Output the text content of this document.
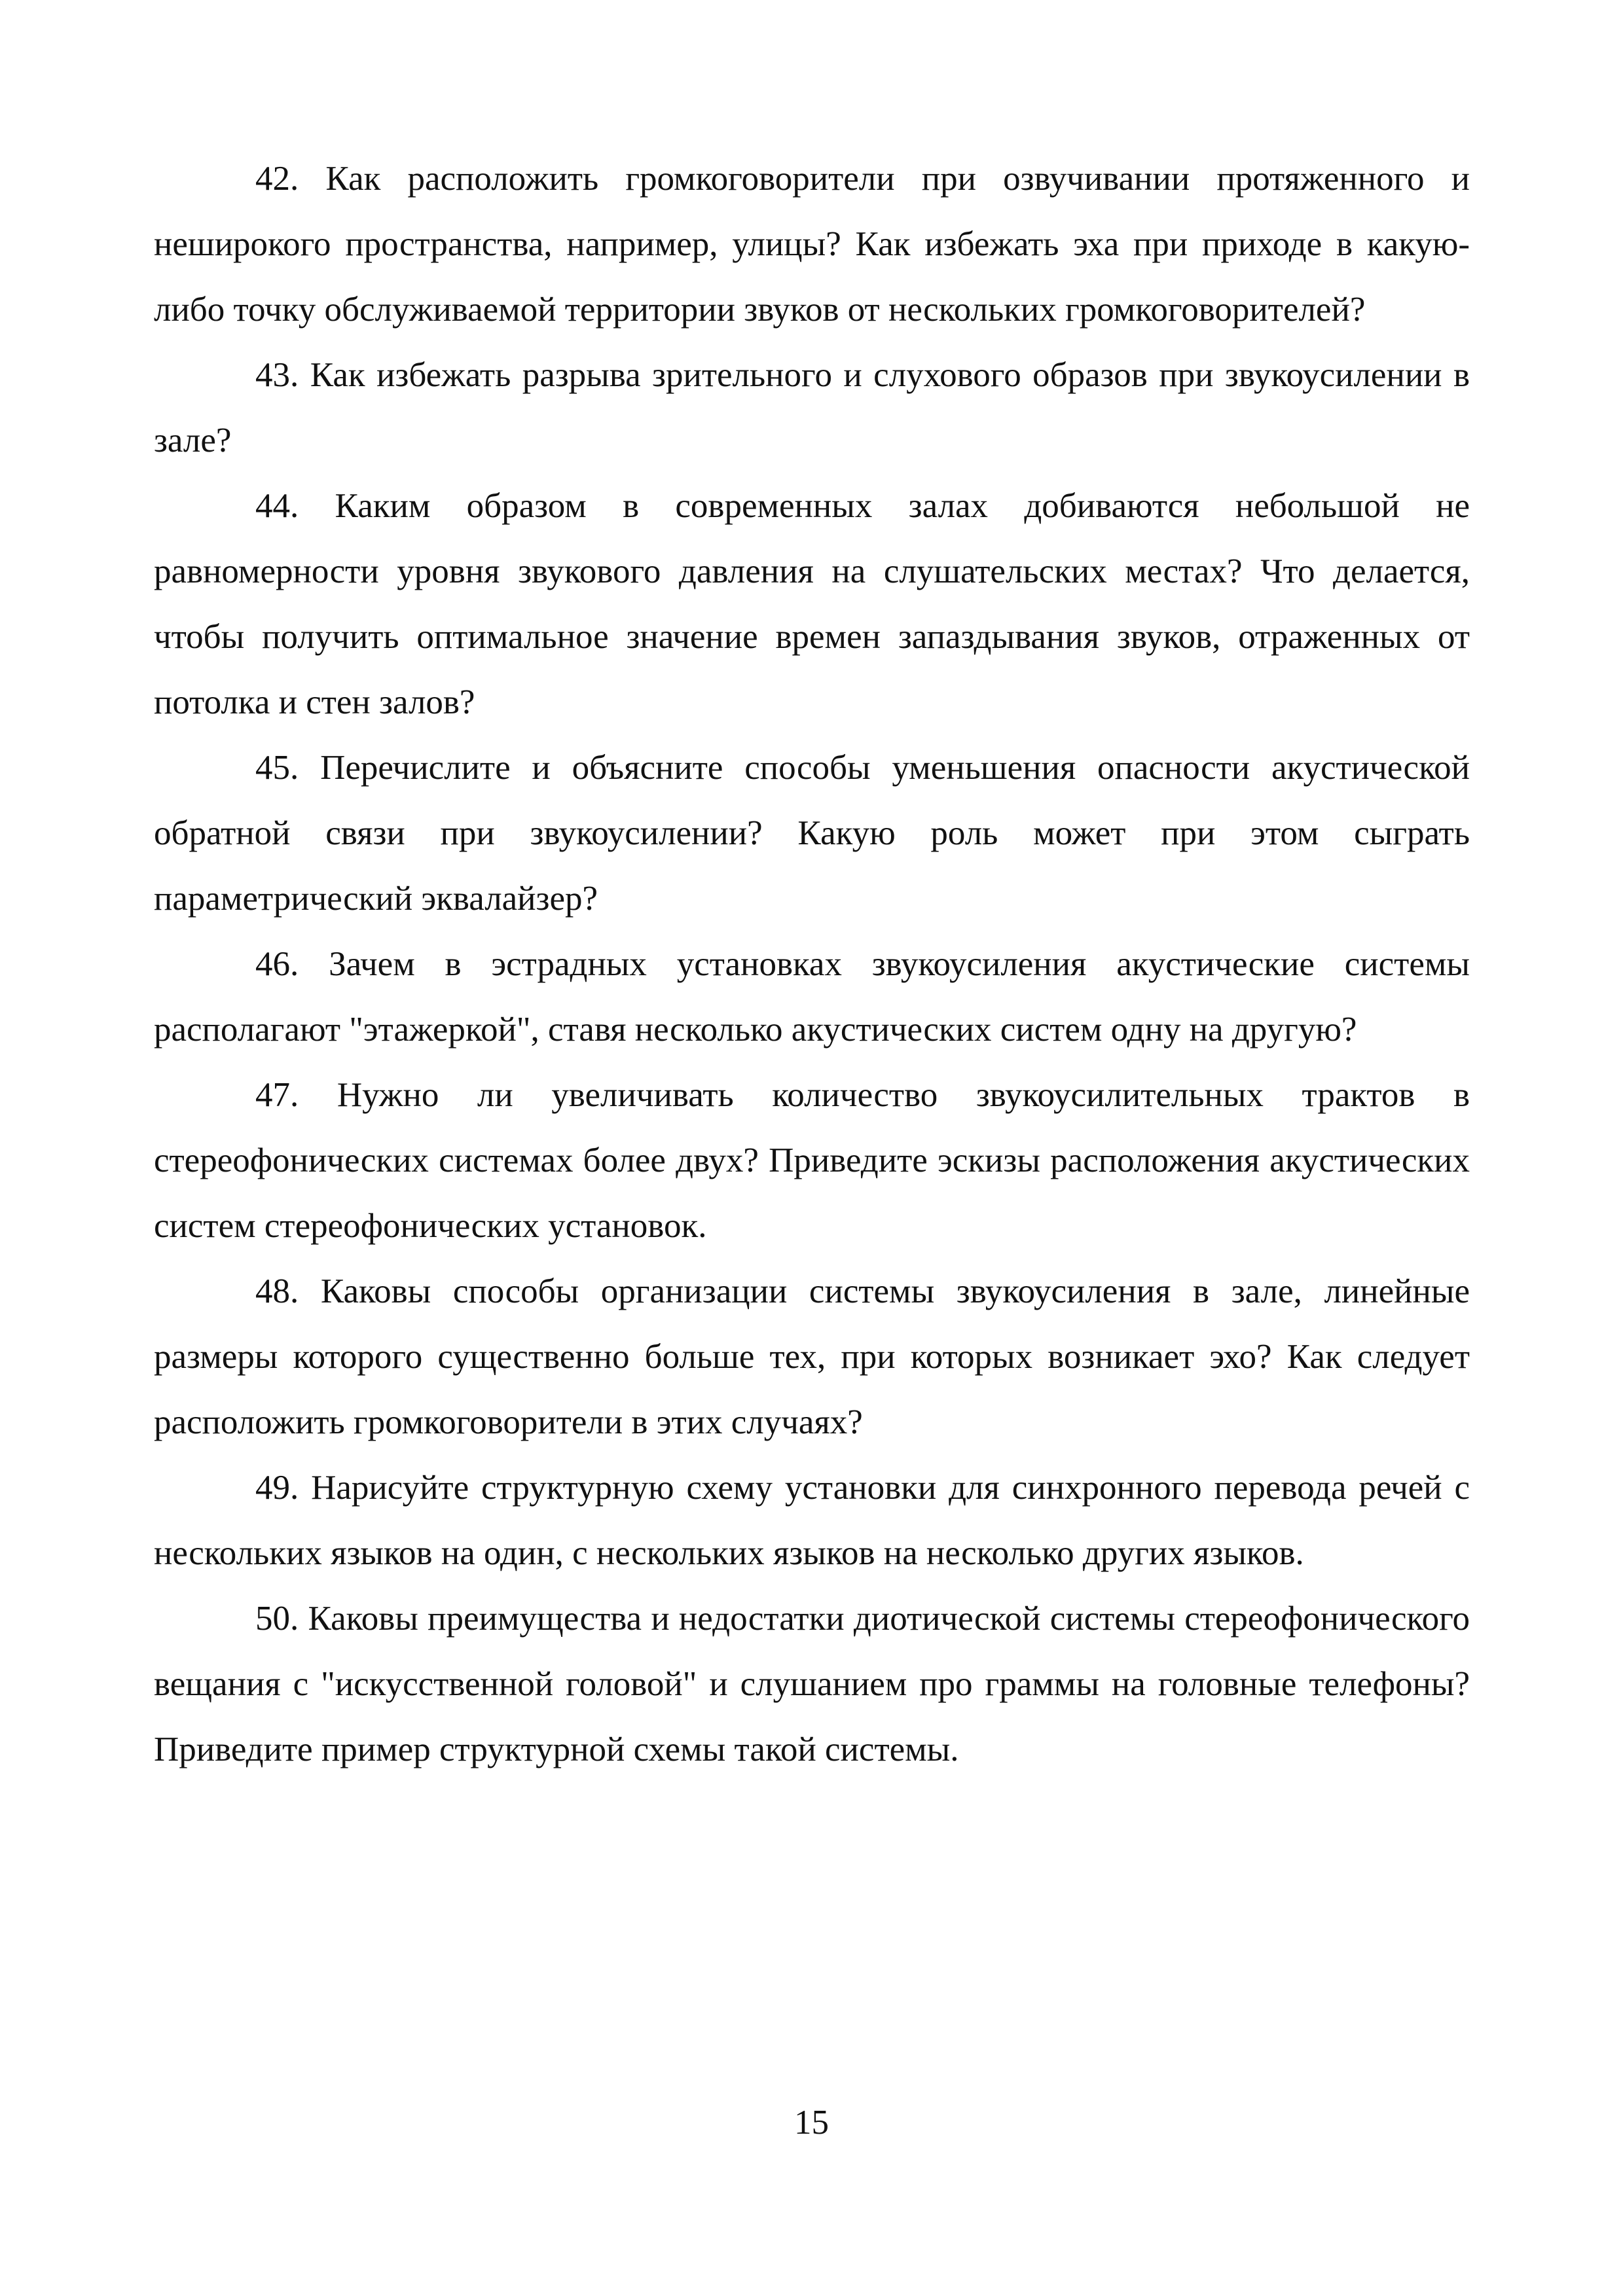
42. Как расположить громкоговорители при озвучивании протяженного и неширокого пространства, например, улицы? Как избежать эха при приходе в какую-либо точку обслуживаемой территории звуков от нескольких громкоговорителей?

43. Как избежать разрыва зрительного и слухового образов при звукоусилении в зале?

44. Каким образом в современных залах добиваются небольшой не равномерности уровня звукового давления на слушательских местах? Что делается, чтобы получить оптимальное значение времен запаздывания звуков, отраженных от потолка и стен залов?

45. Перечислите и объясните способы уменьшения опасности акустической обратной связи при звукоусилении? Какую роль может при этом сыграть параметрический эквалайзер?

46. Зачем в эстрадных установках звукоусиления акустические системы располагают "этажеркой", ставя несколько акустических систем одну на другую?

47. Нужно ли увеличивать количество звукоусилительных трактов в стереофонических системах более двух? Приведите эскизы расположения акустических систем стереофонических установок.

48. Каковы способы организации системы звукоусиления в зале, линейные размеры которого существенно больше тех, при которых возникает эхо? Как следует расположить громкоговорители в этих случаях?

49. Нарисуйте структурную схему установки для синхронного перевода речей с нескольких языков на один, с нескольких языков на несколько других языков.

50. Каковы преимущества и недостатки диотической системы стереофонического вещания с "искусственной головой" и слушанием про граммы на головные телефоны? Приведите пример структурной схемы такой системы.

15
